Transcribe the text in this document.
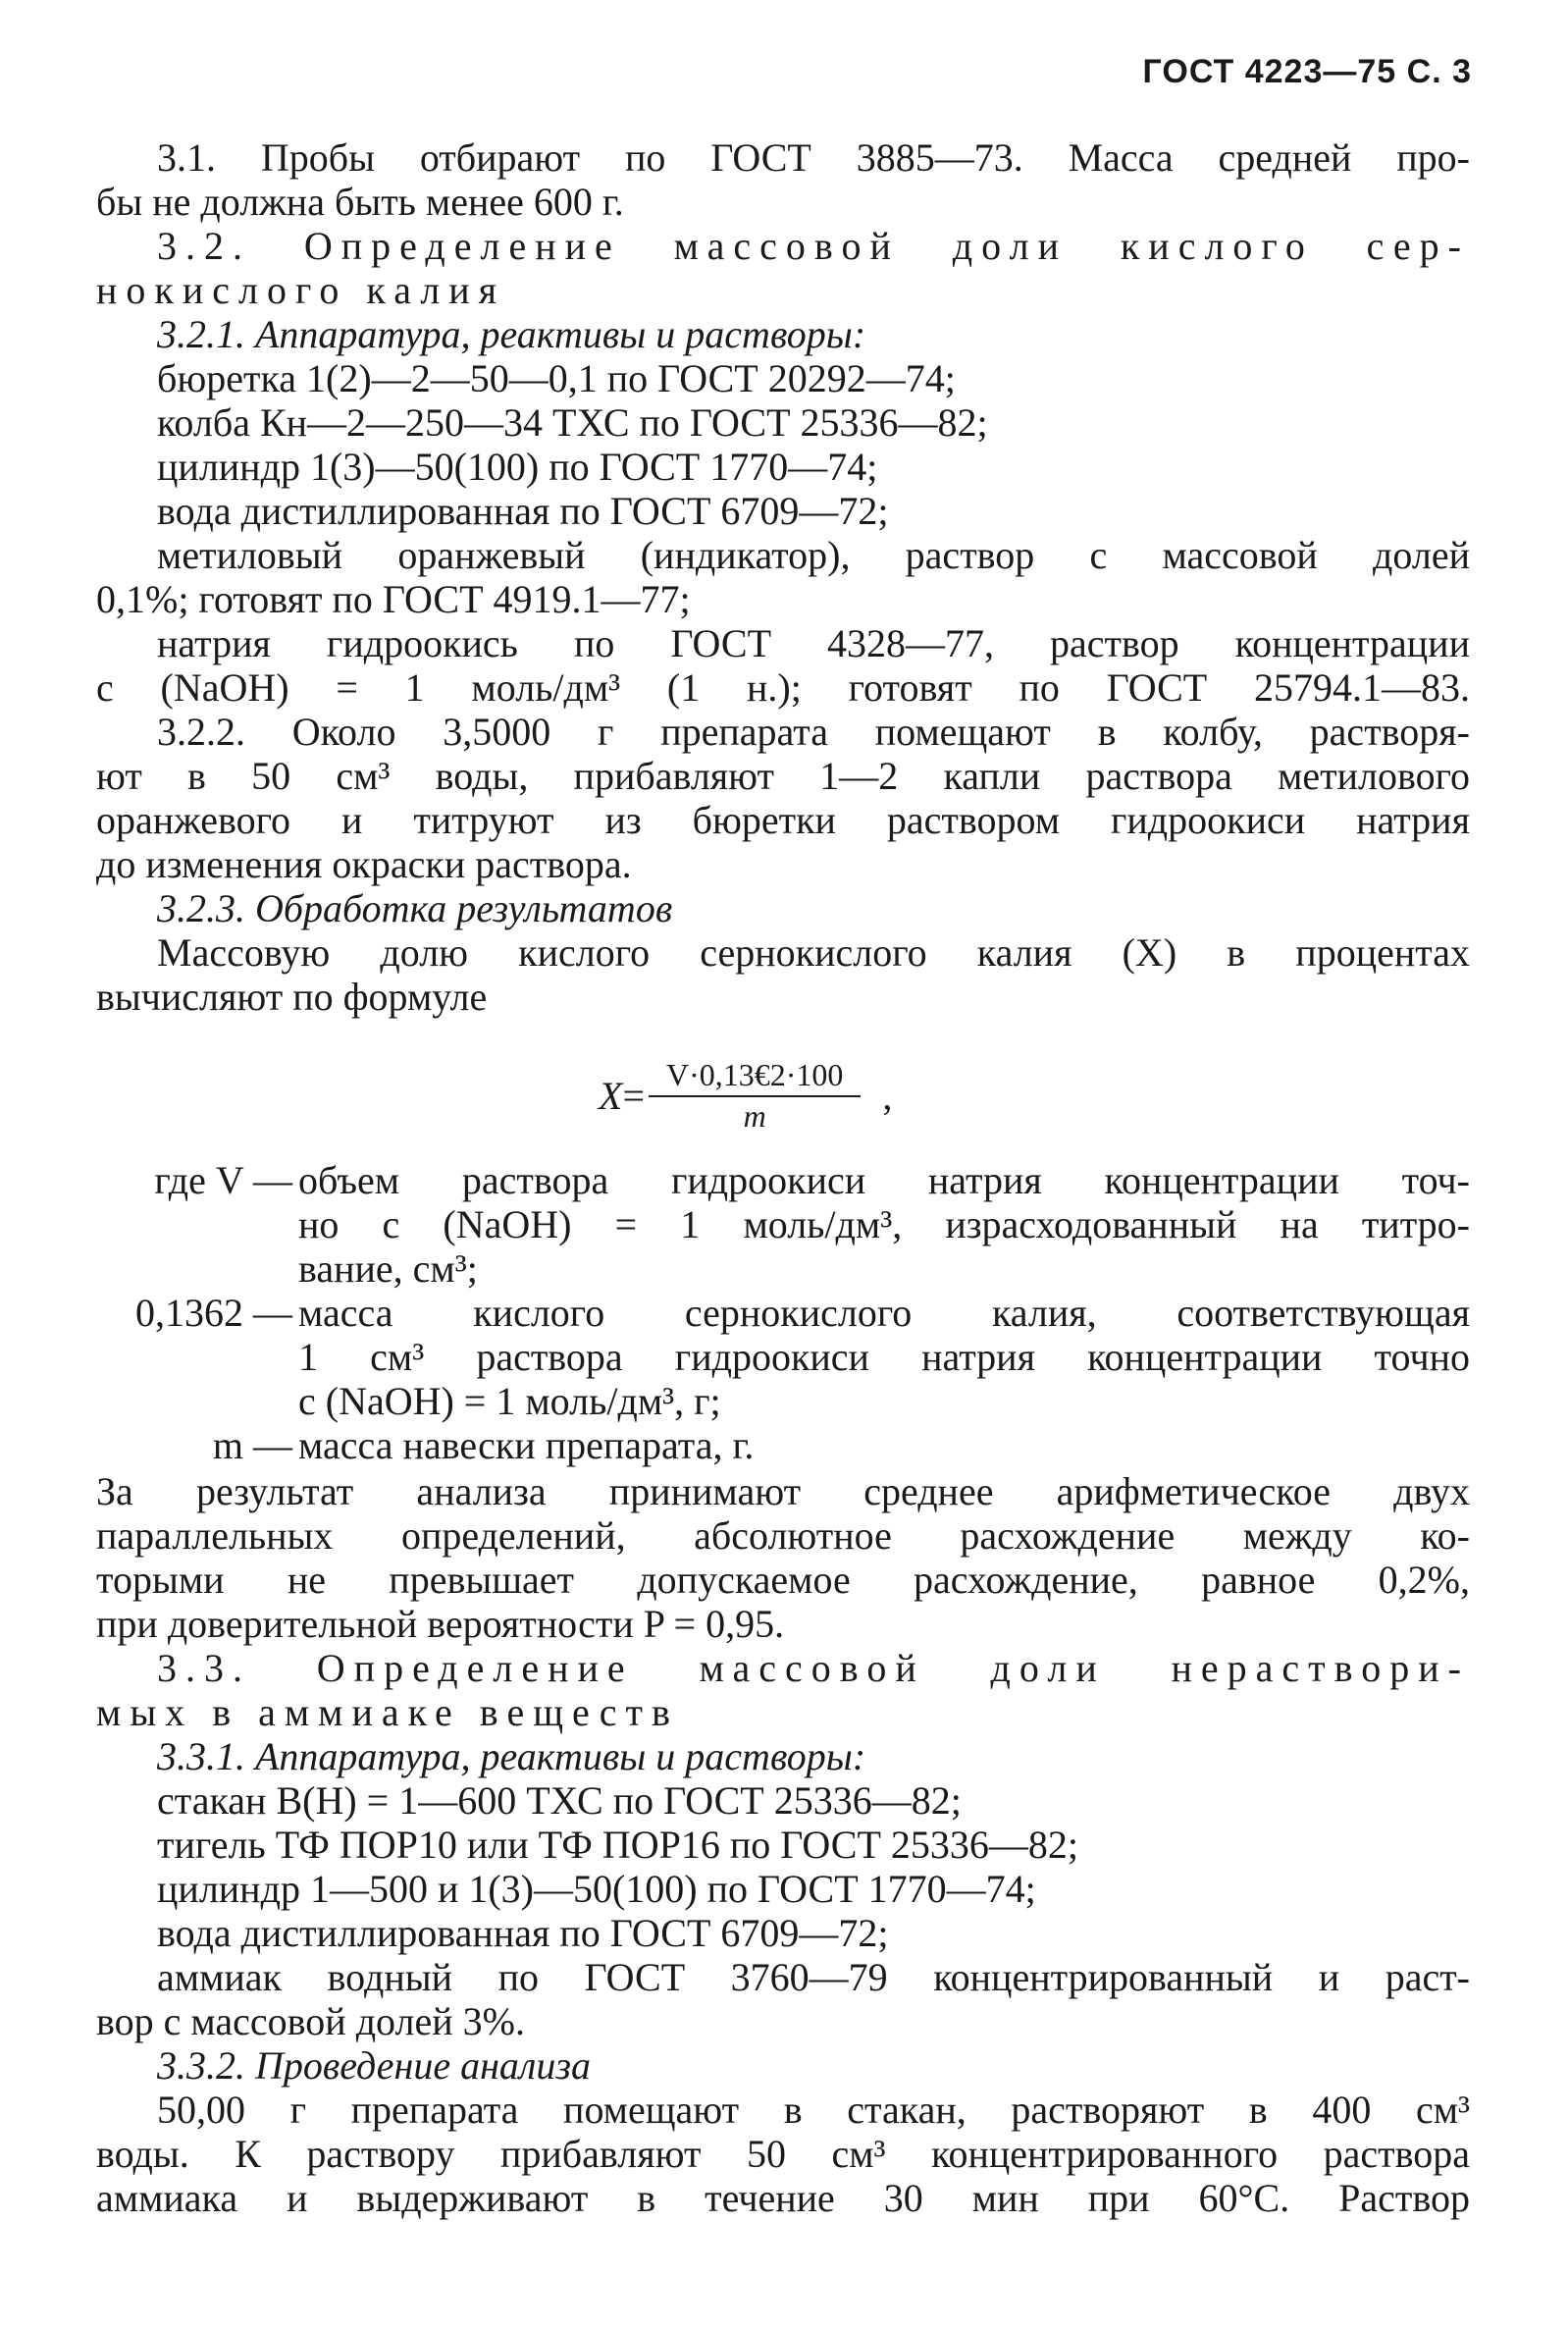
ГОСТ 4223—75 С. 3
3.1. Пробы отбирают по ГОСТ 3885—73. Масса средней про-
бы не должна быть менее 600 г.
3.2. Определение массовой доли кислого сер-
нокислого калия
3.2.1. Аппаратура, реактивы и растворы:
бюретка 1(2)—2—50—0,1 по ГОСТ 20292—74;
колба Кн—2—250—34 ТХС по ГОСТ 25336—82;
цилиндр 1(3)—50(100) по ГОСТ 1770—74;
вода дистиллированная по ГОСТ 6709—72;
метиловый оранжевый (индикатор), раствор с массовой долей
0,1%; готовят по ГОСТ 4919.1—77;
натрия гидроокись по ГОСТ 4328—77, раствор концентрации
c (NaOH) = 1 моль/дм³ (1 н.); готовят по ГОСТ 25794.1—83.
3.2.2. Около 3,5000 г препарата помещают в колбу, растворя-
ют в 50 см³ воды, прибавляют 1—2 капли раствора метилового
оранжевого и титруют из бюретки раствором гидроокиси натрия
до изменения окраски раствора.
3.2.3. Обработка результатов
Массовую долю кислого сернокислого калия (X) в процентах
вычисляют по формуле
$X = \frac{V\cdot 0,13€2\cdot 100}{m}$ ,
где V — объем раствора гидроокиси натрия концентрации точ-
но c (NaOH) = 1 моль/дм³, израсходованный на титро-
вание, см³;
0,1362 — масса кислого сернокислого калия, соответствующая
1 см³ раствора гидроокиси натрия концентрации точно
c (NaOH) = 1 моль/дм³, г;
m — масса навески препарата, г.
За результат анализа принимают среднее арифметическое двух
параллельных определений, абсолютное расхождение между ко-
торыми не превышает допускаемое расхождение, равное 0,2%,
при доверительной вероятности P = 0,95.
3.3. Определение массовой доли нераствори-
мых в аммиаке веществ
3.3.1. Аппаратура, реактивы и растворы:
стакан В(Н) = 1—600 ТХС по ГОСТ 25336—82;
тигель ТФ ПОР10 или ТФ ПОР16 по ГОСТ 25336—82;
цилиндр 1—500 и 1(3)—50(100) по ГОСТ 1770—74;
вода дистиллированная по ГОСТ 6709—72;
аммиак водный по ГОСТ 3760—79 концентрированный и раст-
вор с массовой долей 3%.
3.3.2. Проведение анализа
50,00 г препарата помещают в стакан, растворяют в 400 см³
воды. К раствору прибавляют 50 см³ концентрированного раствора
аммиака и выдерживают в течение 30 мин при 60°С. Раствор
